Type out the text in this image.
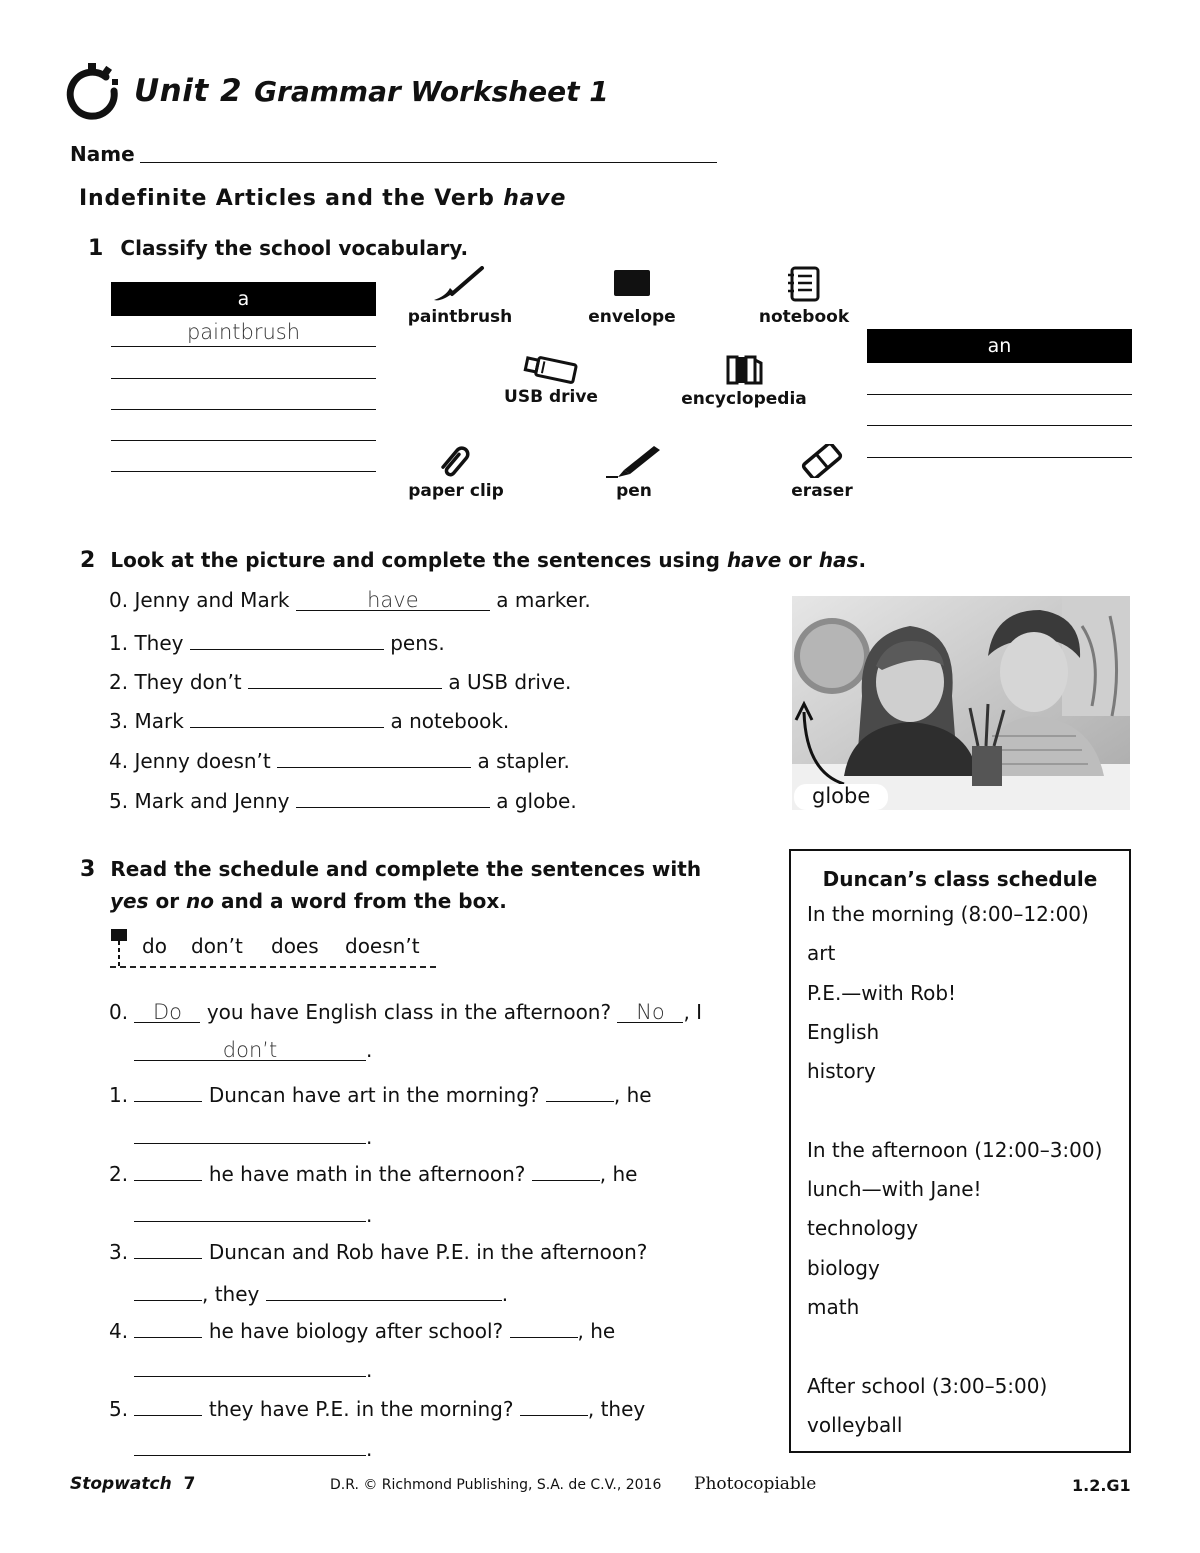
Unit 2 Grammar Worksheet 1
Name
Indefinite Articles and the Verb have
1 Classify the school vocabulary.
a
paintbrush
an
paintbrush	envelope	notebook
USB drive	encyclopedia
paper clip	pen	eraser
2 Look at the picture and complete the sentences using have or has.
0. Jenny and Mark	have	a marker.
1. They	pens.
2. They don’t	a USB drive.
3. Mark	a notebook.
4. Jenny doesn’t	a stapler.
5. Mark and Jenny	a globe.	globe
3 Read the schedule and complete the sentences with
yes or no and a word from the box.
do don’t does doesn’t
0. Do you have English class in the afternoon? No , I
don’t	.
1.	Duncan have art in the morning?	, he
.
2.	he have math in the afternoon?	, he
.
3.	Duncan and Rob have P.E. in the afternoon?
, they	.
4.	he have biology after school?	, he
.
5.	they have P.E. in the morning?	, they
.
Duncan’s class schedule
In the morning (8:00–12:00)
art
P.E.—with Rob!
English
history
In the afternoon (12:00–3:00)
lunch—with Jane!
technology
biology
math
After school (3:00–5:00)
volleyball
Stopwatch 7	D.R. © Richmond Publishing, S.A. de C.V., 2016 Photocopiable	1.2.G1
